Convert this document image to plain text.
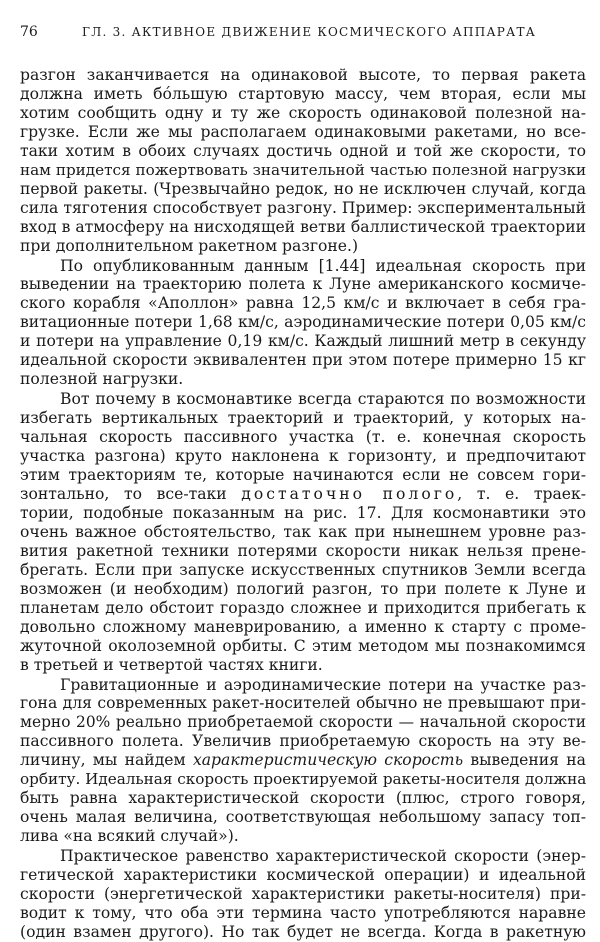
76	ГЛ. 3. АКТИВНОЕ ДВИЖЕНИЕ КОСМИЧЕСКОГО АППАРАТА

разгон заканчивается на одинаковой высоте, то первая ракета

должна иметь бо́льшую стартовую массу, чем вторая, если мы

хотим сообщить одну и ту же скорость одинаковой полезной на-

грузке. Если же мы располагаем одинаковыми ракетами, но все-

таки хотим в обоих случаях достичь одной и той же скорости, то

нам придется пожертвовать значительной частью полезной нагрузки

первой ракеты. (Чрезвычайно редок, но не исключен случай, когда

сила тяготения способствует разгону. Пример: экспериментальный

вход в атмосферу на нисходящей ветви баллистической траектории

при дополнительном ракетном разгоне.)

По опубликованным данным [1.44] идеальная скорость при

выведении на траекторию полета к Луне американского космиче-

ского корабля «Аполлон» равна 12,5 км/с и включает в себя гра-

витационные потери 1,68 км/с, аэродинамические потери 0,05 км/с

и потери на управление 0,19 км/с. Каждый лишний метр в секунду

идеальной скорости эквивалентен при этом потере примерно 15 кг

полезной нагрузки.

Вот почему в космонавтике всегда стараются по возможности

избегать вертикальных траекторий и траекторий, у которых на-

чальная скорость пассивного участка (т. е. конечная скорость

участка разгона) круто наклонена к горизонту, и предпочитают

этим траекториям те, которые начинаются если не совсем гори-

зонтально, то все-таки достаточно полого, т. е. траек-

тории, подобные показанным на рис. 17. Для космонавтики это

очень важное обстоятельство, так как при нынешнем уровне раз-

вития ракетной техники потерями скорости никак нельзя прене-

брегать. Если при запуске искусственных спутников Земли всегда

возможен (и необходим) пологий разгон, то при полете к Луне и

планетам дело обстоит гораздо сложнее и приходится прибегать к

довольно сложному маневрированию, а именно к старту с проме-

жуточной околоземной орбиты. С этим методом мы познакомимся

в третьей и четвертой частях книги.

Гравитационные и аэродинамические потери на участке раз-

гона для современных ракет-носителей обычно не превышают при-

мерно 20% реально приобретаемой скорости — начальной скорости

пассивного полета. Увеличив приобретаемую скорость на эту ве-

личину, мы найдем характеристическую скорость выведения на

орбиту. Идеальная скорость проектируемой ракеты-носителя должна

быть равна характеристической скорости (плюс, строго говоря,

очень малая величина, соответствующая небольшому запасу топ-

лива «на всякий случай»).

Практическое равенство характеристической скорости (энер-

гетической характеристики космической операции) и идеальной

скорости (энергетической характеристики ракеты-носителя) при-

водит к тому, что оба эти термина часто употребляются наравне

(один взамен другого). Но так будет не всегда. Когда в ракетную
